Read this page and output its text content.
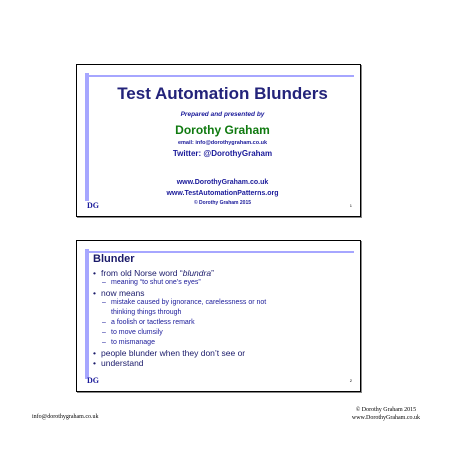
Test Automation Blunders
Prepared and presented by
Dorothy Graham
email: info@dorothygraham.co.uk
Twitter: @DorothyGraham
www.DorothyGraham.co.uk
www.TestAutomationPatterns.org
© Dorothy Graham 2015
DG	1
Blunder
• from old Norse word “blundra”
– meaning “to shut one’s eyes”
• now means
– mistake caused by ignorance, carelessness or not
thinking things through
– a foolish or tactless remark
– to move clumsily
– to mismanage
• people blunder when they don’t see or
• understand
DG	2
info@dorothygraham.co.uk
© Dorothy Graham 2015
www.DorothyGraham.co.uk
